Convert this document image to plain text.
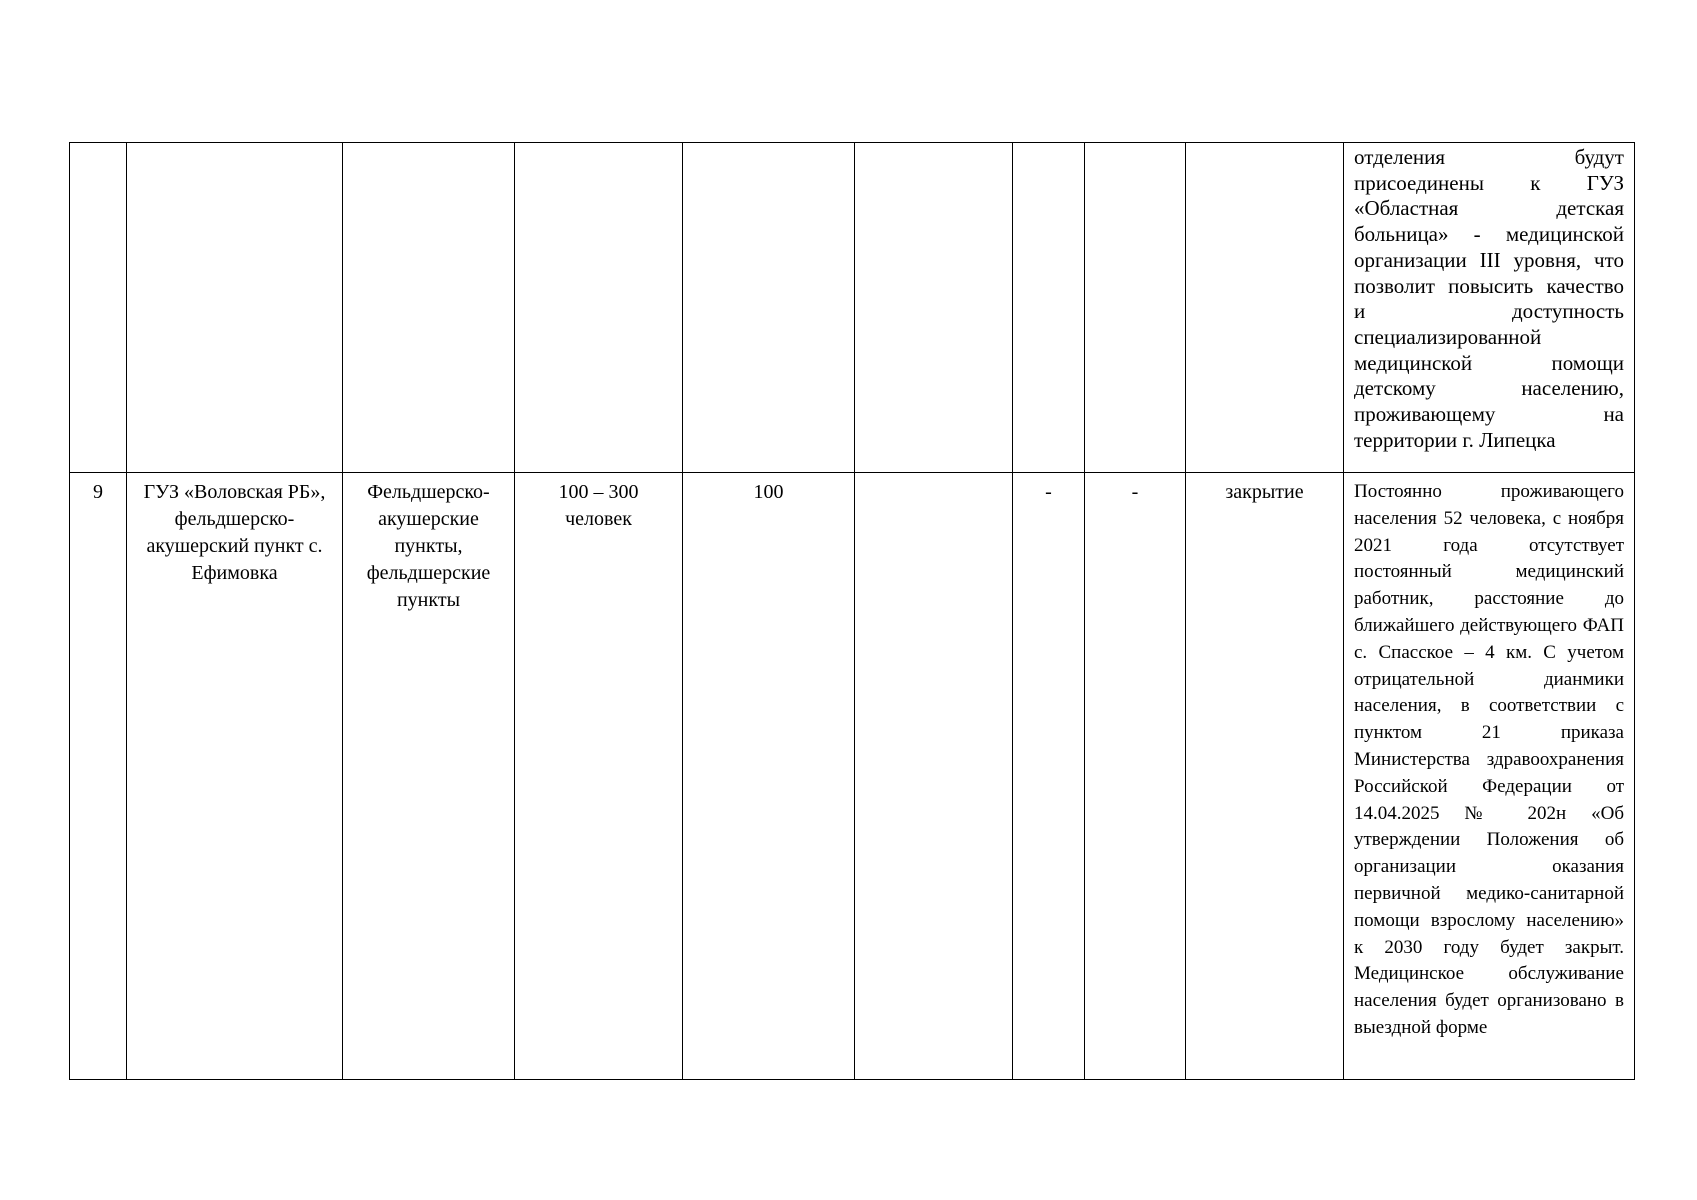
									отделения будут присоединены к ГУЗ «Областная детская больница» - медицинской организации III уровня, что позволит повысить качество и доступность специализированной медицинской помощи детскому населению, проживающему на территории г. Липецка
9	ГУЗ «Воловская РБ», фельдшерско-акушерский пункт с. Ефимовка	Фельдшерско-акушерские пункты, фельдшерские пункты	100 – 300 человек	100		-	-	закрытие	Постоянно проживающего населения 52 человека, с ноября 2021 года отсутствует постоянный медицинский работник, расстояние до ближайшего действующего ФАП с. Спасское – 4 км. С учетом отрицательной дианмики населения, в соответствии с пунктом 21 приказа Министерства здравоохранения Российской Федерации от 14.04.2025 № 202н «Об утверждении Положения об организации оказания первичной медико-санитарной помощи взрослому населению» к 2030 году будет закрыт. Медицинское обслуживание населения будет организовано в выездной форме
